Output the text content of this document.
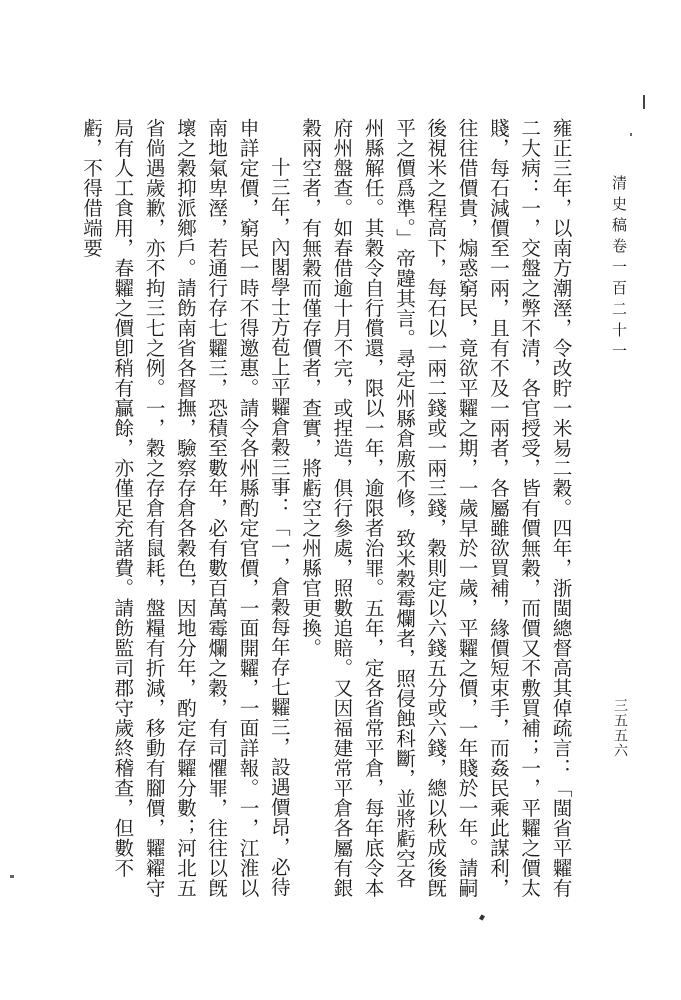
清史稿卷一百二十一
三五五六

雍正三年，以南方潮溼，令改貯一米易二穀。四年，浙閩總督高其倬疏言：「閩省平糶有二大病：一，交盤之弊不清，各官授受，皆有價無穀，而價又不敷買補；一，平糶之價太賤，每石減價至一兩，且有不及一兩者，各屬雖欲買補，緣價短束手，而姦民乘此謀利，往往借價貴，煽惑窮民，竟欲平糶之期，一歲早於一歲，平糶之價，一年賤於一年。請嗣後視米之程高下，每石以一兩二錢或一兩三錢，穀則定以六錢五分或六錢，總以秋成後旣平之價爲準。」帝韙其言。尋定州縣倉廒不修，致米穀霉爛者，照侵蝕科斷，並將虧空各州縣解任。其穀令自行償還，限以一年，逾限者治罪。五年，定各省常平倉，每年底令本府州盤查。如春借逾十月不完，或捏造，俱行參處，照數追賠。又因福建常平倉各屬有銀穀兩空者，有無穀而僅存價者，查實，將虧空之州縣官更換。

十三年，內閣學士方苞上平糶倉穀三事：「一，倉穀每年存七糶三，設遇價昂，必待申詳定價，窮民一時不得邀惠。請令各州縣酌定官價，一面開糶，一面詳報。一，江淮以南地氣卑溼，若通行存七糶三，恐積至數年，必有數百萬霉爛之穀，有司懼罪，往往以旣壞之穀抑派鄉戶。請飭南省各督撫，驗察存倉各穀色，因地分年，酌定存糶分數；河北五省倘遇歲歉，亦不拘三七之例。一，穀之存倉有鼠耗，盤糧有折減，移動有腳價，糶糴守局有人工食用，春糶之價卽稍有贏餘，亦僅足充諸費。請飭監司郡守歲終稽查，但數不虧，不得借端要
